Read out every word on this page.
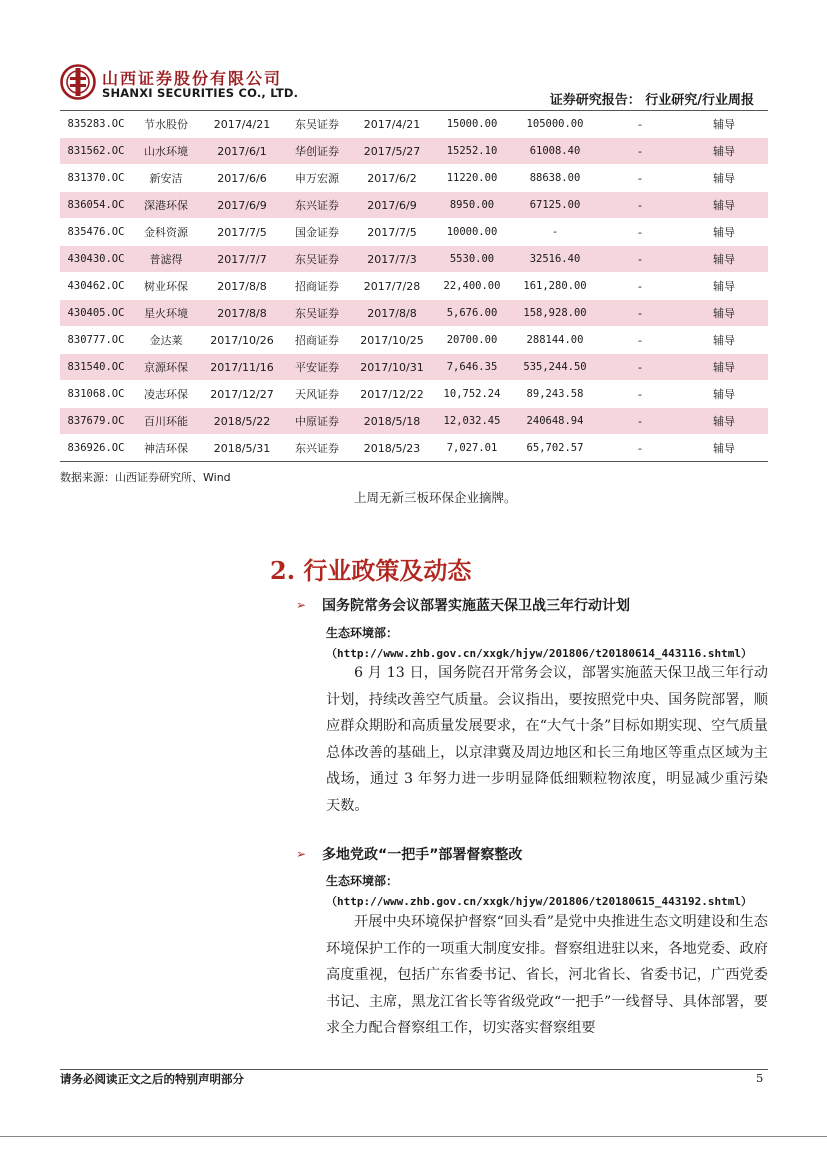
山西证券股份有限公司
SHANXI SECURITIES CO., LTD.	证券研究报告： 行业研究/行业周报
835283.OC	节水股份	2017/4/21	东吴证券	2017/4/21	15000.00	105000.00	-	辅导
831562.OC	山水环境	2017/6/1	华创证券	2017/5/27	15252.10	61008.40	-	辅导
831370.OC	新安洁	2017/6/6	申万宏源	2017/6/2	11220.00	88638.00	-	辅导
836054.OC	深港环保	2017/6/9	东兴证券	2017/6/9	8950.00	67125.00	-	辅导
835476.OC	金科资源	2017/7/5	国金证券	2017/7/5	10000.00	-	-	辅导
430430.OC	普滤得	2017/7/7	东吴证券	2017/7/3	5530.00	32516.40	-	辅导
430462.OC	树业环保	2017/8/8	招商证券	2017/7/28	22,400.00	161,280.00	-	辅导
430405.OC	星火环境	2017/8/8	东吴证券	2017/8/8	5,676.00	158,928.00	-	辅导
830777.OC	金达莱	2017/10/26	招商证券	2017/10/25	20700.00	288144.00	-	辅导
831540.OC	京源环保	2017/11/16	平安证券	2017/10/31	7,646.35	535,244.50	-	辅导
831068.OC	凌志环保	2017/12/27	天风证券	2017/12/22	10,752.24	89,243.58	-	辅导
837679.OC	百川环能	2018/5/22	中原证券	2018/5/18	12,032.45	240648.94	-	辅导
836926.OC	神洁环保	2018/5/31	东兴证券	2018/5/23	7,027.01	65,702.57	-	辅导
数据来源：山西证券研究所、Wind
上周无新三板环保企业摘牌。
2. 行业政策及动态
➢ 国务院常务会议部署实施蓝天保卫战三年行动计划
生态环境部：
（http://www.zhb.gov.cn/xxgk/hjyw/201806/t20180614_443116.shtml）

6 月 13 日，国务院召开常务会议，部署实施蓝天保卫战三年行动计划，持续改善空气质量。会议指出，要按照党中央、国务院部署，顺应群众期盼和高质量发展要求，在“大气十条”目标如期实现、空气质量总体改善的基础上，以京津冀及周边地区和长三角地区等重点区域为主战场，通过 3 年努力进一步明显降低细颗粒物浓度，明显减少重污染天数。

➢ 多地党政“一把手”部署督察整改
生态环境部：
（http://www.zhb.gov.cn/xxgk/hjyw/201806/t20180615_443192.shtml）

开展中央环境保护督察“回头看”是党中央推进生态文明建设和生态环境保护工作的一项重大制度安排。督察组进驻以来，各地党委、政府高度重视，包括广东省委书记、省长，河北省长、省委书记，广西党委书记、主席，黑龙江省长等省级党政“一把手”一线督导、具体部署，要求全力配合督察组工作，切实落实督察组要

请务必阅读正文之后的特别声明部分	5
